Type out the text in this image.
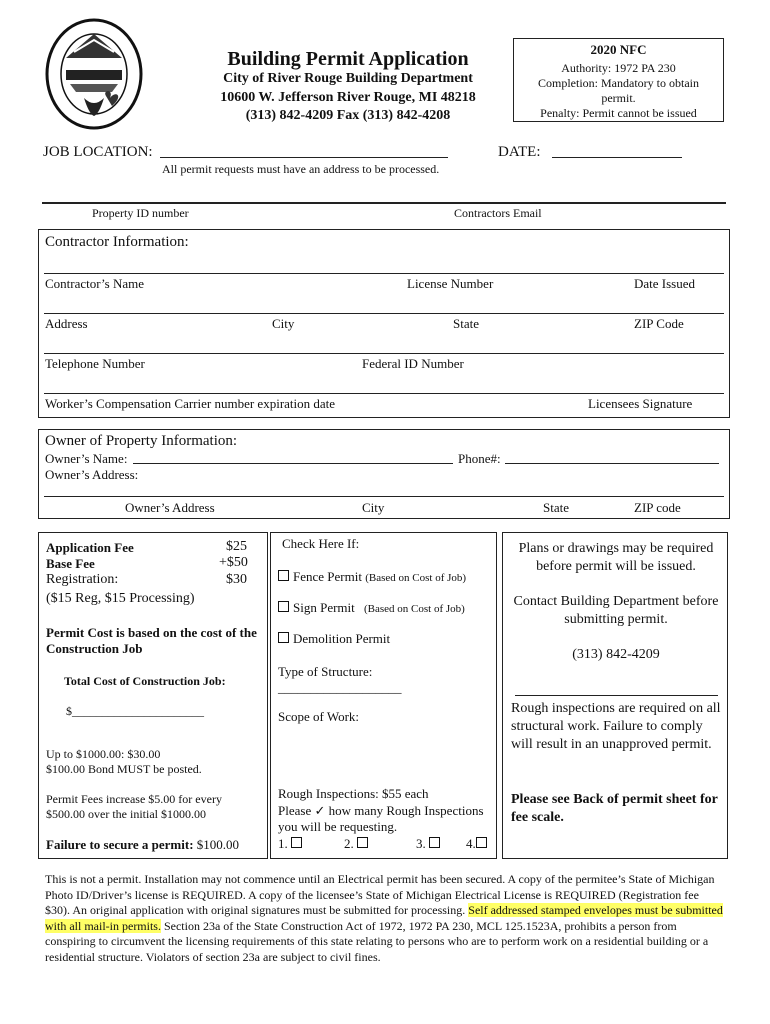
Building Permit Application
City of River Rouge Building Department
10600 W. Jefferson River Rouge, MI 48218
(313) 842-4209 Fax (313) 842-4208
2020 NFC
Authority: 1972 PA 230
Completion: Mandatory to obtain permit.
Penalty: Permit cannot be issued
JOB LOCATION:	DATE:
All permit requests must have an address to be processed.
Property ID number	Contractors Email
Contractor Information:
Contractor’s Name	License Number	Date Issued
Address	City	State	ZIP Code
Telephone Number	Federal ID Number
Worker’s Compensation Carrier number expiration date	Licensees Signature
Owner of Property Information:
Owner’s Name:	Phone#:
Owner’s Address:
Owner’s Address	City	State	ZIP code
Application Fee	$25
Base Fee	+$50
Registration:	$30
($15 Reg, $15 Processing)
Permit Cost is based on the cost of the Construction Job
Total Cost of Construction Job:
$______________________
Up to $1000.00: $30.00
$100.00 Bond MUST be posted.
Permit Fees increase $5.00 for every $500.00 over the initial $1000.00
Failure to secure a permit: $100.00
Check Here If:
Fence Permit (Based on Cost of Job)
Sign Permit (Based on Cost of Job)
Demolition Permit
Type of Structure:
___________________
Scope of Work:
Rough Inspections: $55 each
Please ✓ how many Rough Inspections you will be requesting.
1.	2.	3.	4.
Plans or drawings may be required before permit will be issued.
Contact Building Department before submitting permit.
(313) 842-4209
Rough inspections are required on all structural work. Failure to comply will result in an unapproved permit.
Please see Back of permit sheet for fee scale.
This is not a permit. Installation may not commence until an Electrical permit has been secured. A copy of the permitee’s State of Michigan Photo ID/Driver’s license is REQUIRED. A copy of the licensee’s State of Michigan Electrical License is REQUIRED (Registration fee $30). An original application with original signatures must be submitted for processing. Self addressed stamped envelopes must be submitted with all mail-in permits. Section 23a of the State Construction Act of 1972, 1972 PA 230, MCL 125.1523A, prohibits a person from conspiring to circumvent the licensing requirements of this state relating to persons who are to perform work on a residential building or a residential structure. Violators of section 23a are subject to civil fines.
